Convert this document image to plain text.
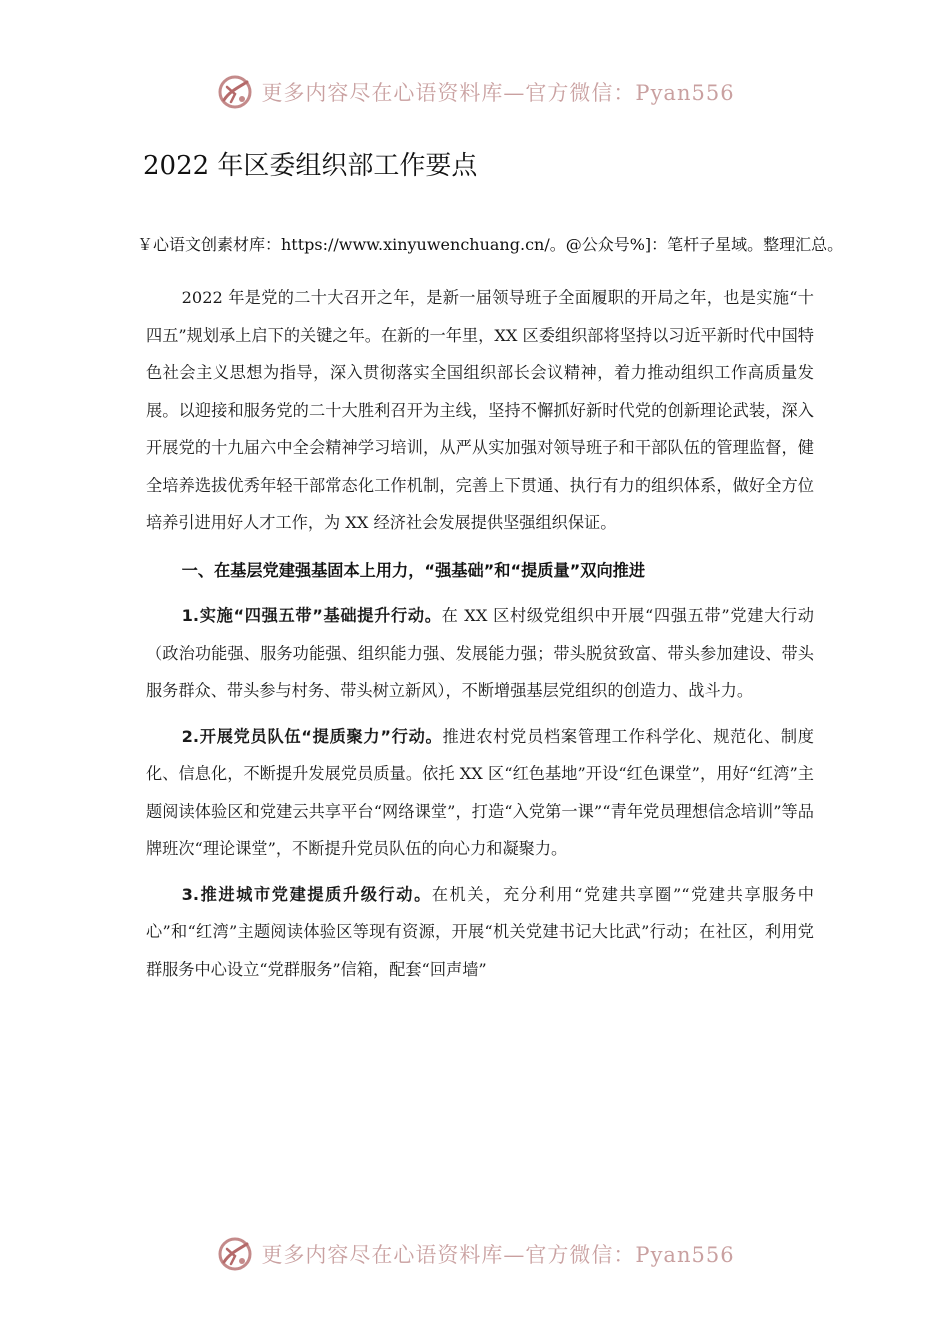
更多内容尽在心语资料库—官方微信：Pyan556
2022 年区委组织部工作要点

￥心语文创素材库：https://www.xinyuwenchuang.cn/。@公众号%]：笔杆子星域。整理汇总。

2022 年是党的二十大召开之年，是新一届领导班子全面履职的开局之年，也是实施“十四五”规划承上启下的关键之年。在新的一年里，XX 区委组织部将坚持以习近平新时代中国特色社会主义思想为指导，深入贯彻落实全国组织部长会议精神，着力推动组织工作高质量发展。以迎接和服务党的二十大胜利召开为主线，坚持不懈抓好新时代党的创新理论武装，深入开展党的十九届六中全会精神学习培训，从严从实加强对领导班子和干部队伍的管理监督，健全培养选拔优秀年轻干部常态化工作机制，完善上下贯通、执行有力的组织体系，做好全方位培养引进用好人才工作，为 XX 经济社会发展提供坚强组织保证。

一、在基层党建强基固本上用力，“强基础”和“提质量”双向推进

1.实施“四强五带”基础提升行动。在 XX 区村级党组织中开展“四强五带”党建大行动（政治功能强、服务功能强、组织能力强、发展能力强；带头脱贫致富、带头参加建设、带头服务群众、带头参与村务、带头树立新风），不断增强基层党组织的创造力、战斗力。

2.开展党员队伍“提质聚力”行动。推进农村党员档案管理工作科学化、规范化、制度化、信息化，不断提升发展党员质量。依托 XX 区“红色基地”开设“红色课堂”，用好“红湾”主题阅读体验区和党建云共享平台“网络课堂”，打造“入党第一课”“青年党员理想信念培训”等品牌班次“理论课堂”，不断提升党员队伍的向心力和凝聚力。

3.推进城市党建提质升级行动。在机关，充分利用“党建共享圈”“党建共享服务中心”和“红湾”主题阅读体验区等现有资源，开展“机关党建书记大比武”行动；在社区，利用党群服务中心设立“党群服务”信箱，配套“回声墙”

更多内容尽在心语资料库—官方微信：Pyan556
